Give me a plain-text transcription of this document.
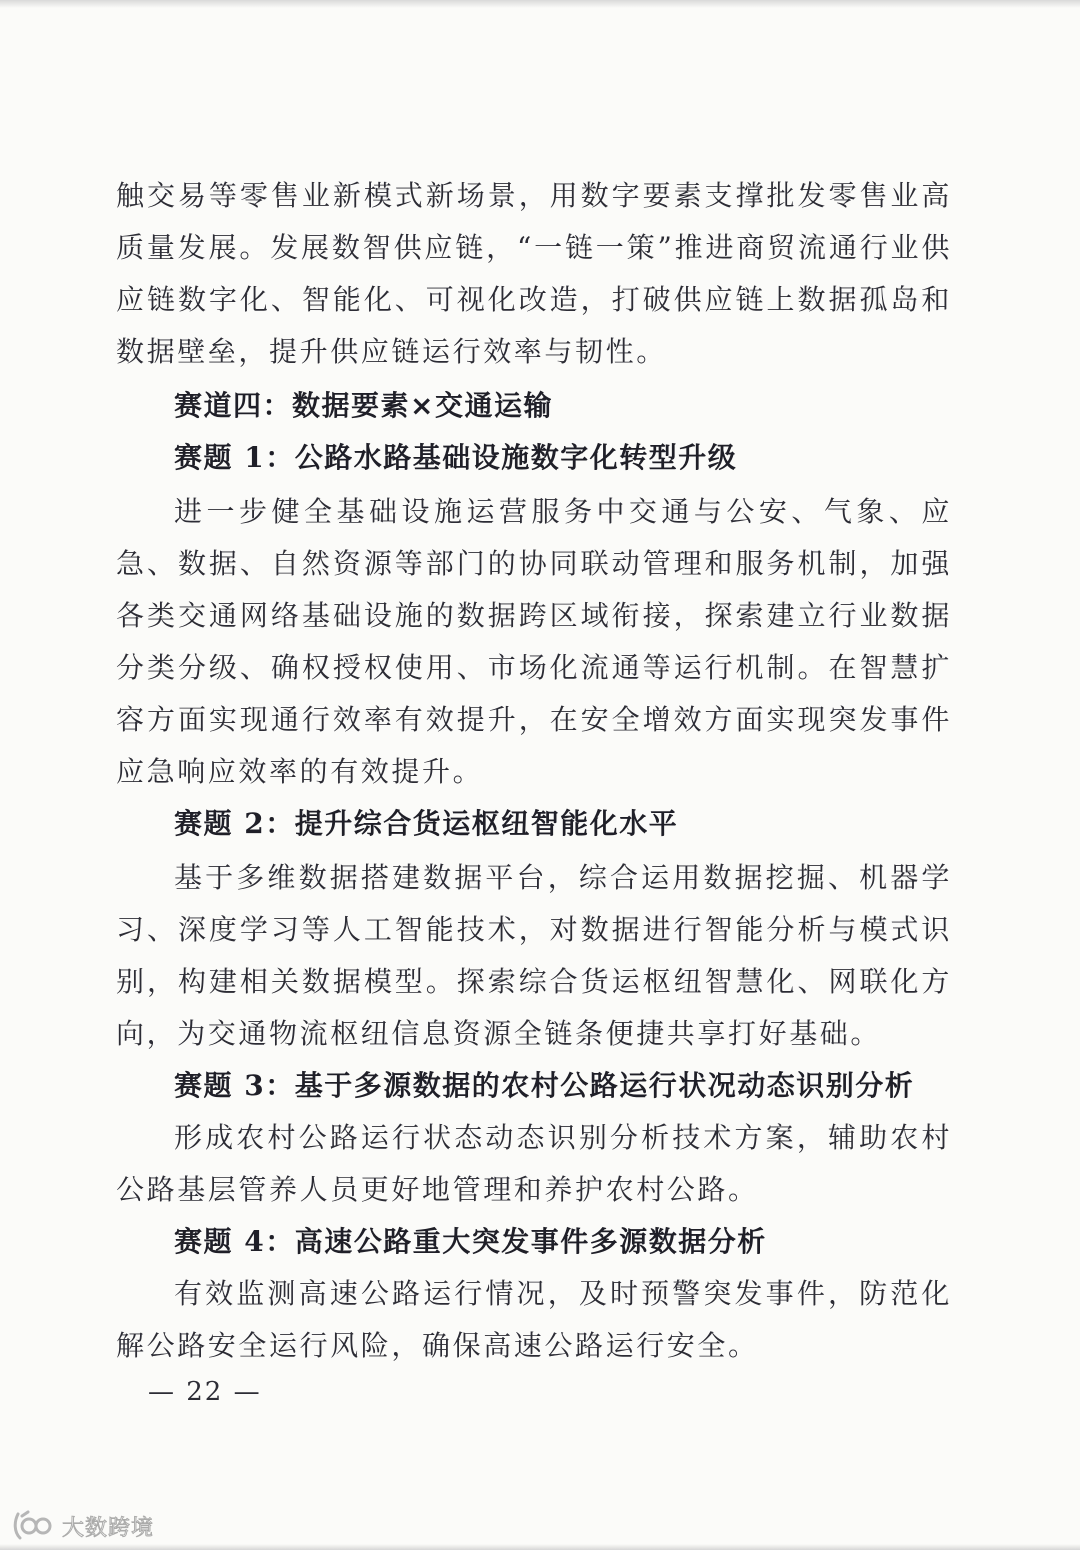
触交易等零售业新模式新场景，用数字要素支撑批发零售业高质量发展。发展数智供应链，“一链一策”推进商贸流通行业供应链数字化、智能化、可视化改造，打破供应链上数据孤岛和数据壁垒，提升供应链运行效率与韧性。

赛道四：数据要素×交通运输

赛题 1：公路水路基础设施数字化转型升级

进一步健全基础设施运营服务中交通与公安、气象、应急、数据、自然资源等部门的协同联动管理和服务机制，加强各类交通网络基础设施的数据跨区域衔接，探索建立行业数据分类分级、确权授权使用、市场化流通等运行机制。在智慧扩容方面实现通行效率有效提升，在安全增效方面实现突发事件应急响应效率的有效提升。

赛题 2：提升综合货运枢纽智能化水平

基于多维数据搭建数据平台，综合运用数据挖掘、机器学习、深度学习等人工智能技术，对数据进行智能分析与模式识别，构建相关数据模型。探索综合货运枢纽智慧化、网联化方向，为交通物流枢纽信息资源全链条便捷共享打好基础。

赛题 3：基于多源数据的农村公路运行状况动态识别分析

形成农村公路运行状态动态识别分析技术方案，辅助农村公路基层管养人员更好地管理和养护农村公路。

赛题 4：高速公路重大突发事件多源数据分析

有效监测高速公路运行情况，及时预警突发事件，防范化解公路安全运行风险，确保高速公路运行安全。

— 22 —
大数跨境
